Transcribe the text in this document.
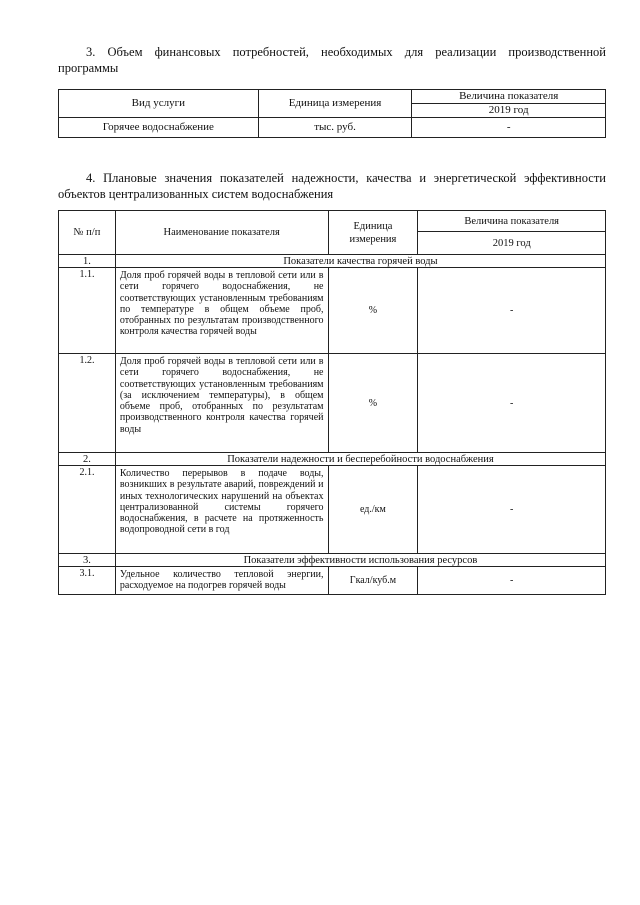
3. Объем финансовых потребностей, необходимых для реализации производственной программы
Вид услуги	Единица измерения	Величина показателя
		2019 год
Горячее водоснабжение	тыс. руб.	-
4. Плановые значения показателей надежности, качества и энергетической эффективности объектов централизованных систем водоснабжения
№ п/п	Наименование показателя	Единица измерения	Величина показателя
			2019 год
1.	Показатели качества горячей воды		
1.1.	Доля проб горячей воды в тепловой сети или в сети горячего водоснабжения, не соответствующих установленным требованиям по температуре в общем объеме проб, отобранных по результатам производственного контроля качества горячей воды	%	-
1.2.	Доля проб горячей воды в тепловой сети или в сети горячего водоснабжения, не соответствующих установленным требованиям (за исключением температуры), в общем объеме проб, отобранных по результатам производственного контроля качества горячей воды	%	-
2.	Показатели надежности и бесперебойности водоснабжения		
2.1.	Количество перерывов в подаче воды, возникших в результате аварий, повреждений и иных технологических нарушений на объектах централизованной системы горячего водоснабжения, в расчете на протяженность водопроводной сети в год	ед./км	-
3.	Показатели эффективности использования ресурсов		
3.1.	Удельное количество тепловой энергии, расходуемое на подогрев горячей воды	Гкал/куб.м	-
